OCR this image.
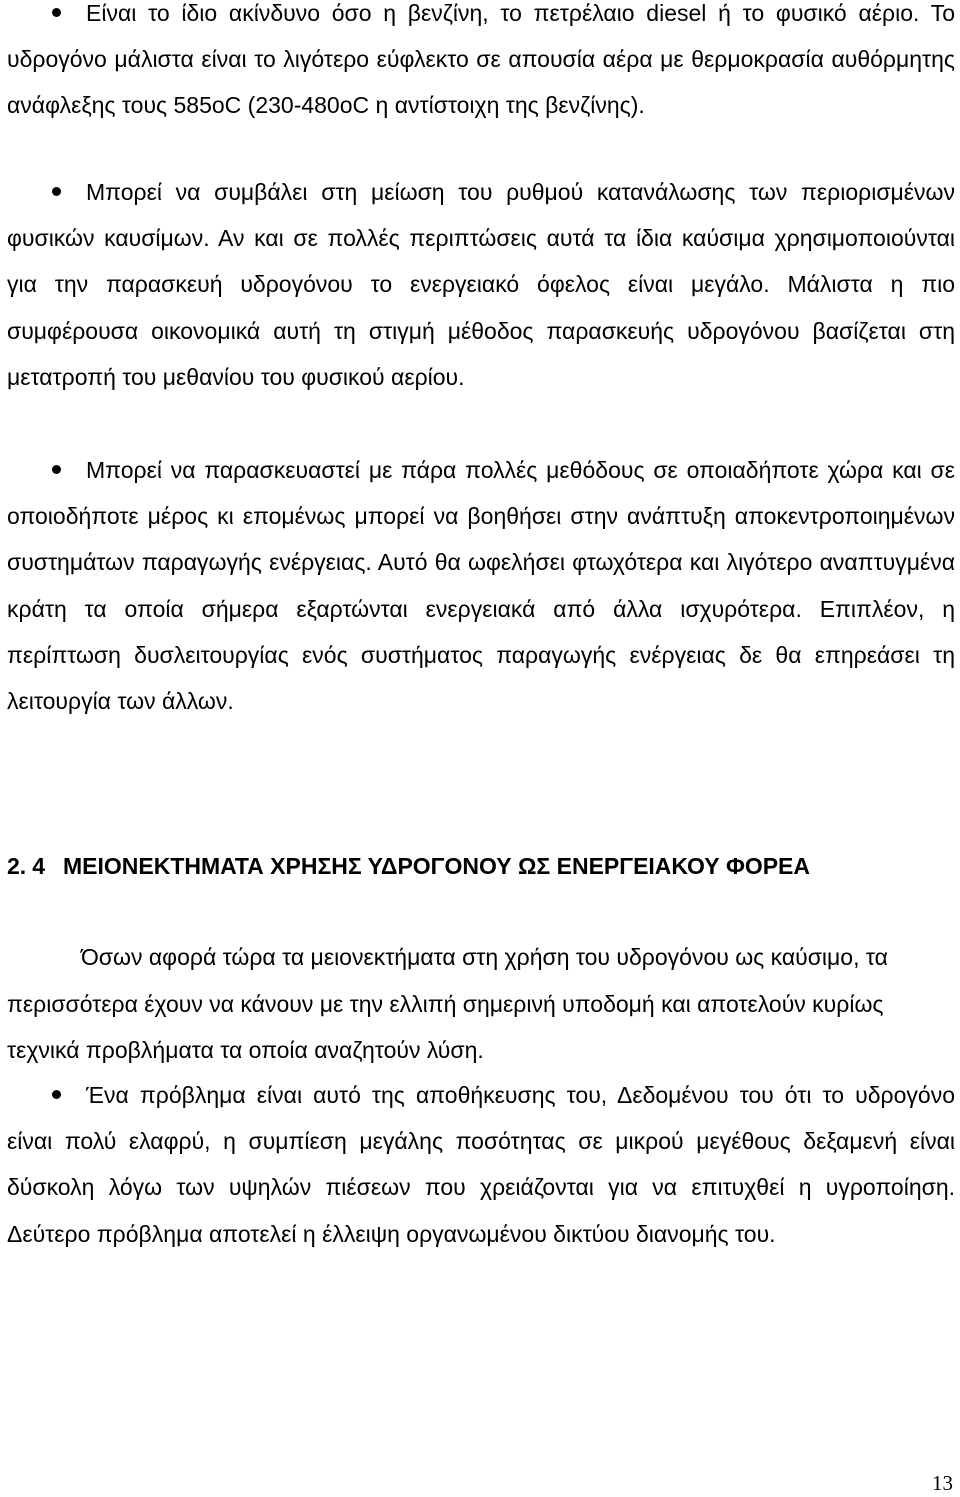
Είναι το ίδιο ακίνδυνο όσο η βενζίνη, το πετρέλαιο diesel ή το φυσικό αέριο. Το υδρογόνο μάλιστα είναι το λιγότερο εύφλεκτο σε απουσία αέρα με θερμοκρασία αυθόρμητης ανάφλεξης τους 585oC (230-480oC η αντίστοιχη της βενζίνης).

Μπορεί να συμβάλει στη μείωση του ρυθμού κατανάλωσης των περιορισμένων φυσικών καυσίμων. Αν και σε πολλές περιπτώσεις αυτά τα ίδια καύσιμα χρησιμοποιούνται για την παρασκευή υδρογόνου το ενεργειακό όφελος είναι μεγάλο. Μάλιστα η πιο συμφέρουσα οικονομικά αυτή τη στιγμή μέθοδος παρασκευής υδρογόνου βασίζεται στη μετατροπή του μεθανίου του φυσικού αερίου.

Μπορεί να παρασκευαστεί με πάρα πολλές μεθόδους σε οποιαδήποτε χώρα και σε οποιοδήποτε μέρος κι επομένως μπορεί να βοηθήσει στην ανάπτυξη αποκεντροποιημένων συστημάτων παραγωγής ενέργειας. Αυτό θα ωφελήσει φτωχότερα και λιγότερο αναπτυγμένα κράτη τα οποία σήμερα εξαρτώνται ενεργειακά από άλλα ισχυρότερα. Επιπλέον, η περίπτωση δυσλειτουργίας ενός συστήματος παραγωγής ενέργειας δε θα επηρεάσει τη λειτουργία των άλλων.

2. 4 ΜΕΙΟΝΕΚΤΗΜΑΤΑ ΧΡΗΣΗΣ ΥΔΡΟΓΟΝΟΥ ΩΣ ΕΝΕΡΓΕΙΑΚΟΥ ΦΟΡΕΑ

Όσων αφορά τώρα τα μειονεκτήματα στη χρήση του υδρογόνου ως καύσιμο, τα περισσότερα έχουν να κάνουν με την ελλιπή σημερινή υποδομή και αποτελούν κυρίως τεχνικά προβλήματα τα οποία αναζητούν λύση.

Ένα πρόβλημα είναι αυτό της αποθήκευσης του, Δεδομένου του ότι το υδρογόνο είναι πολύ ελαφρύ, η συμπίεση μεγάλης ποσότητας σε μικρού μεγέθους δεξαμενή είναι δύσκολη λόγω των υψηλών πιέσεων που χρειάζονται για να επιτυχθεί η υγροποίηση. Δεύτερο πρόβλημα αποτελεί η έλλειψη οργανωμένου δικτύου διανομής του.

13
